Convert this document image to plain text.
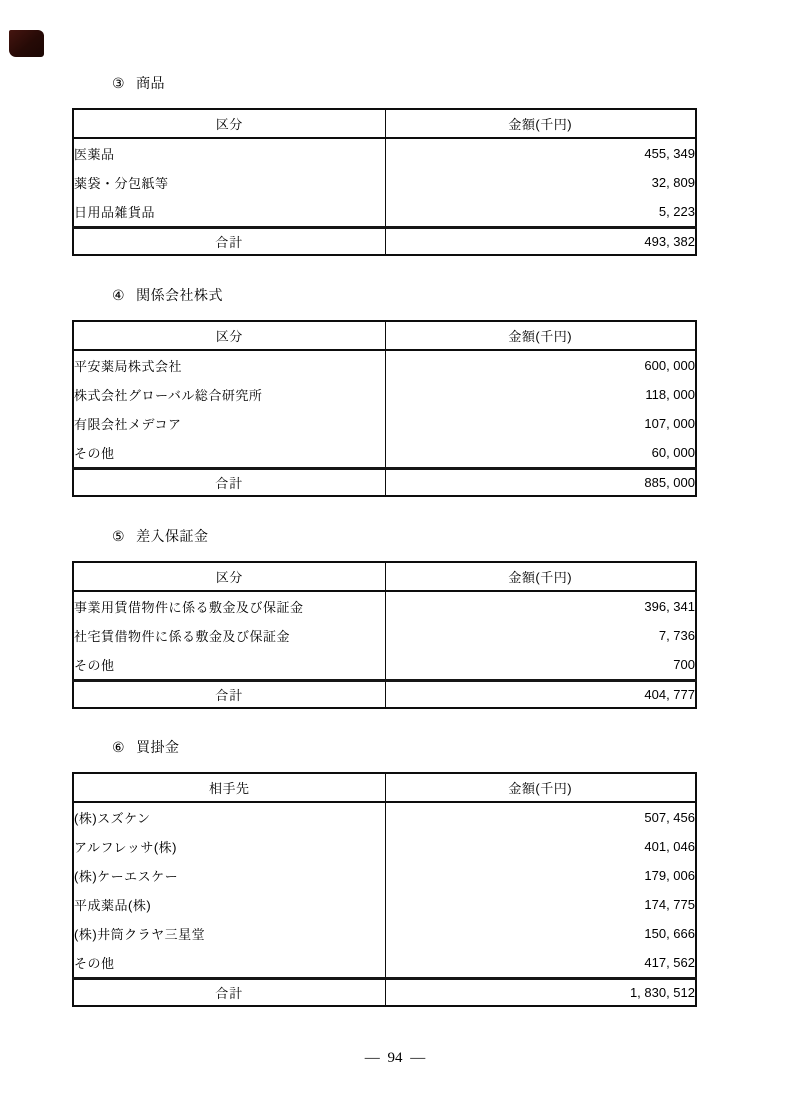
③ 商品
区分	金額(千円)
医薬品	455, 349
薬袋・分包紙等	32, 809
日用品雑貨品	5, 223
合計	493, 382
④ 関係会社株式
区分	金額(千円)
平安薬局株式会社	600, 000
株式会社グローバル総合研究所	118, 000
有限会社メデコア	107, 000
その他	60, 000
合計	885, 000
⑤ 差入保証金
区分	金額(千円)
事業用賃借物件に係る敷金及び保証金	396, 341
社宅賃借物件に係る敷金及び保証金	7, 736
その他	700
合計	404, 777
⑥ 買掛金
相手先	金額(千円)
(株)スズケン	507, 456
アルフレッサ(株)	401, 046
(株)ケーエスケー	179, 006
平成薬品(株)	174, 775
(株)井筒クラヤ三星堂	150, 666
その他	417, 562
合計	1, 830, 512
— 94 —
